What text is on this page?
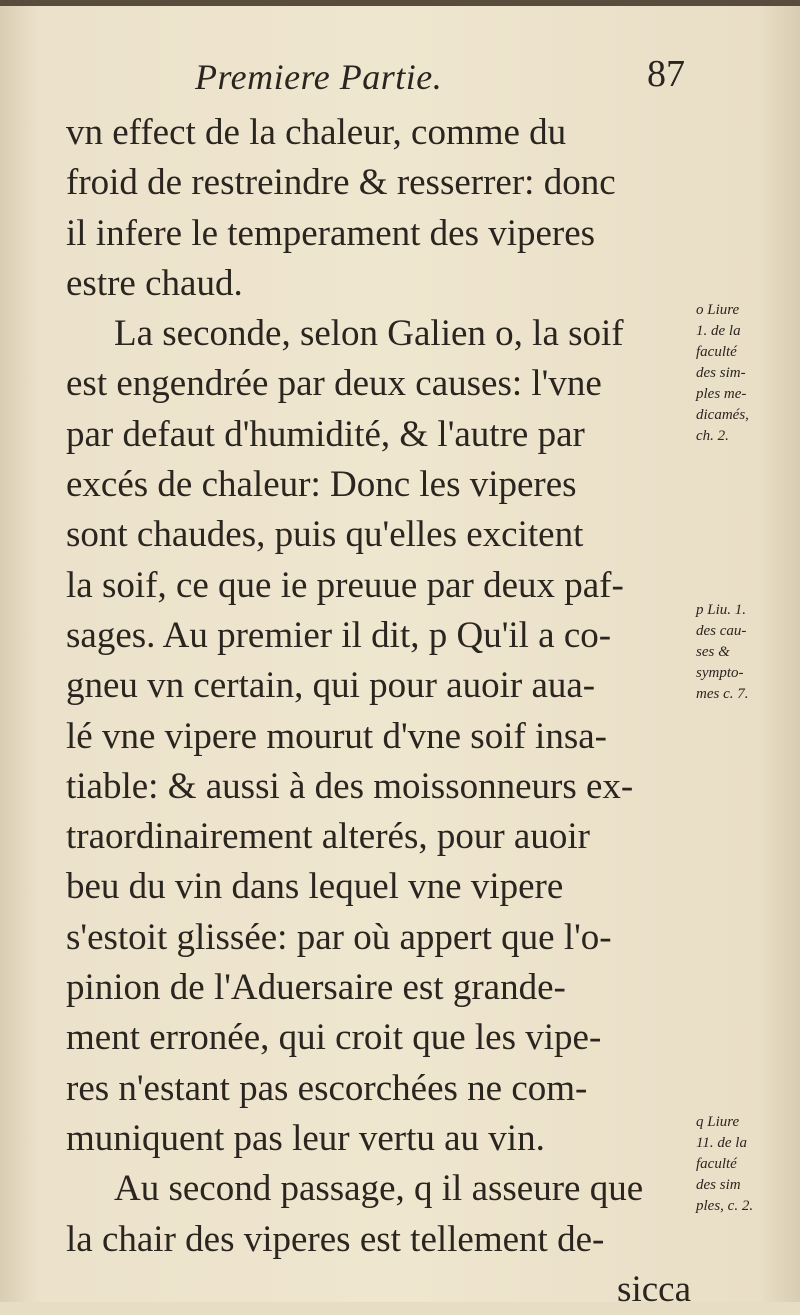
Premiere Partie.	87
vn effect de la chaleur, comme du
froid de restreindre & resserrer: donc
il infere le temperament des viperes
estre chaud.
La seconde, selon Galien o, la soif
est engendrée par deux causes: l'vne
par defaut d'humidité, & l'autre par
excés de chaleur: Donc les viperes
sont chaudes, puis qu'elles excitent
la soif, ce que ie preuue par deux paf-
sages. Au premier il dit, p Qu'il a co-
gneu vn certain, qui pour auoir aua-
lé vne vipere mourut d'vne soif insa-
tiable: & aussi à des moissonneurs ex-
traordinairement alterés, pour auoir
beu du vin dans lequel vne vipere
s'estoit glissée: par où appert que l'o-
pinion de l'Aduersaire est grande-
ment erronée, qui croit que les vipe-
res n'estant pas escorchées ne com-
muniquent pas leur vertu au vin.
Au second passage, q il asseure que
la chair des viperes est tellement de-
sicca
o Liure
1. de la
faculté
des sim-
ples me-
dicamés,
ch. 2.
p Liu. 1.
des cau-
ses &
sympto-
mes c. 7.
q Liure
11. de la
faculté
des sim
ples, c. 2.
